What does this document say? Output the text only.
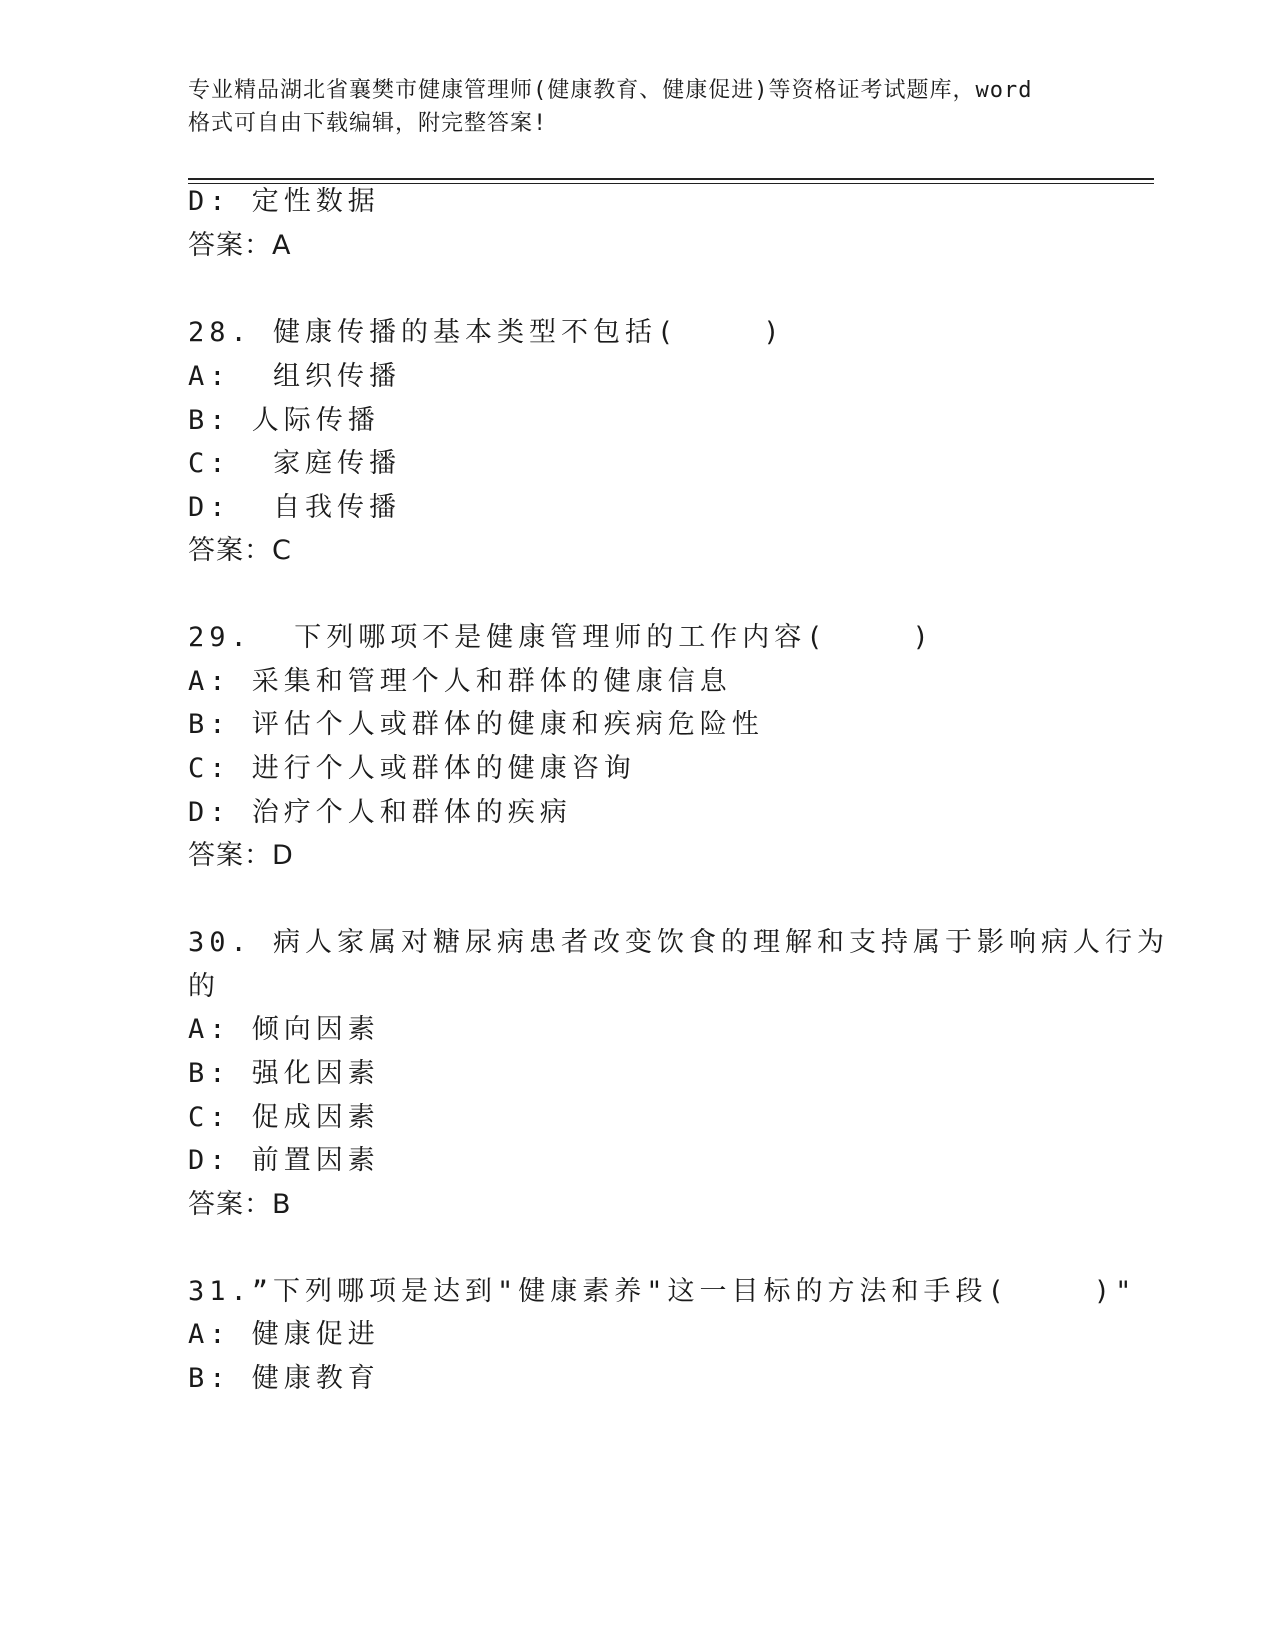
专业精品湖北省襄樊市健康管理师(健康教育、健康促进)等资格证考试题库，word
格式可自由下载编辑，附完整答案!
D: 定性数据
答案：A
28. 健康传播的基本类型不包括(    )
A:  组织传播
B: 人际传播
C:  家庭传播
D:  自我传播
答案：C
29.  下列哪项不是健康管理师的工作内容(    )
A: 采集和管理个人和群体的健康信息
B: 评估个人或群体的健康和疾病危险性
C: 进行个人或群体的健康咨询
D: 治疗个人和群体的疾病
答案：D
30. 病人家属对糖尿病患者改变饮食的理解和支持属于影响病人行为
的
A: 倾向因素
B: 强化因素
C: 促成因素
D: 前置因素
答案：B
31.”下列哪项是达到"健康素养"这一目标的方法和手段(    )"
A: 健康促进
B: 健康教育
